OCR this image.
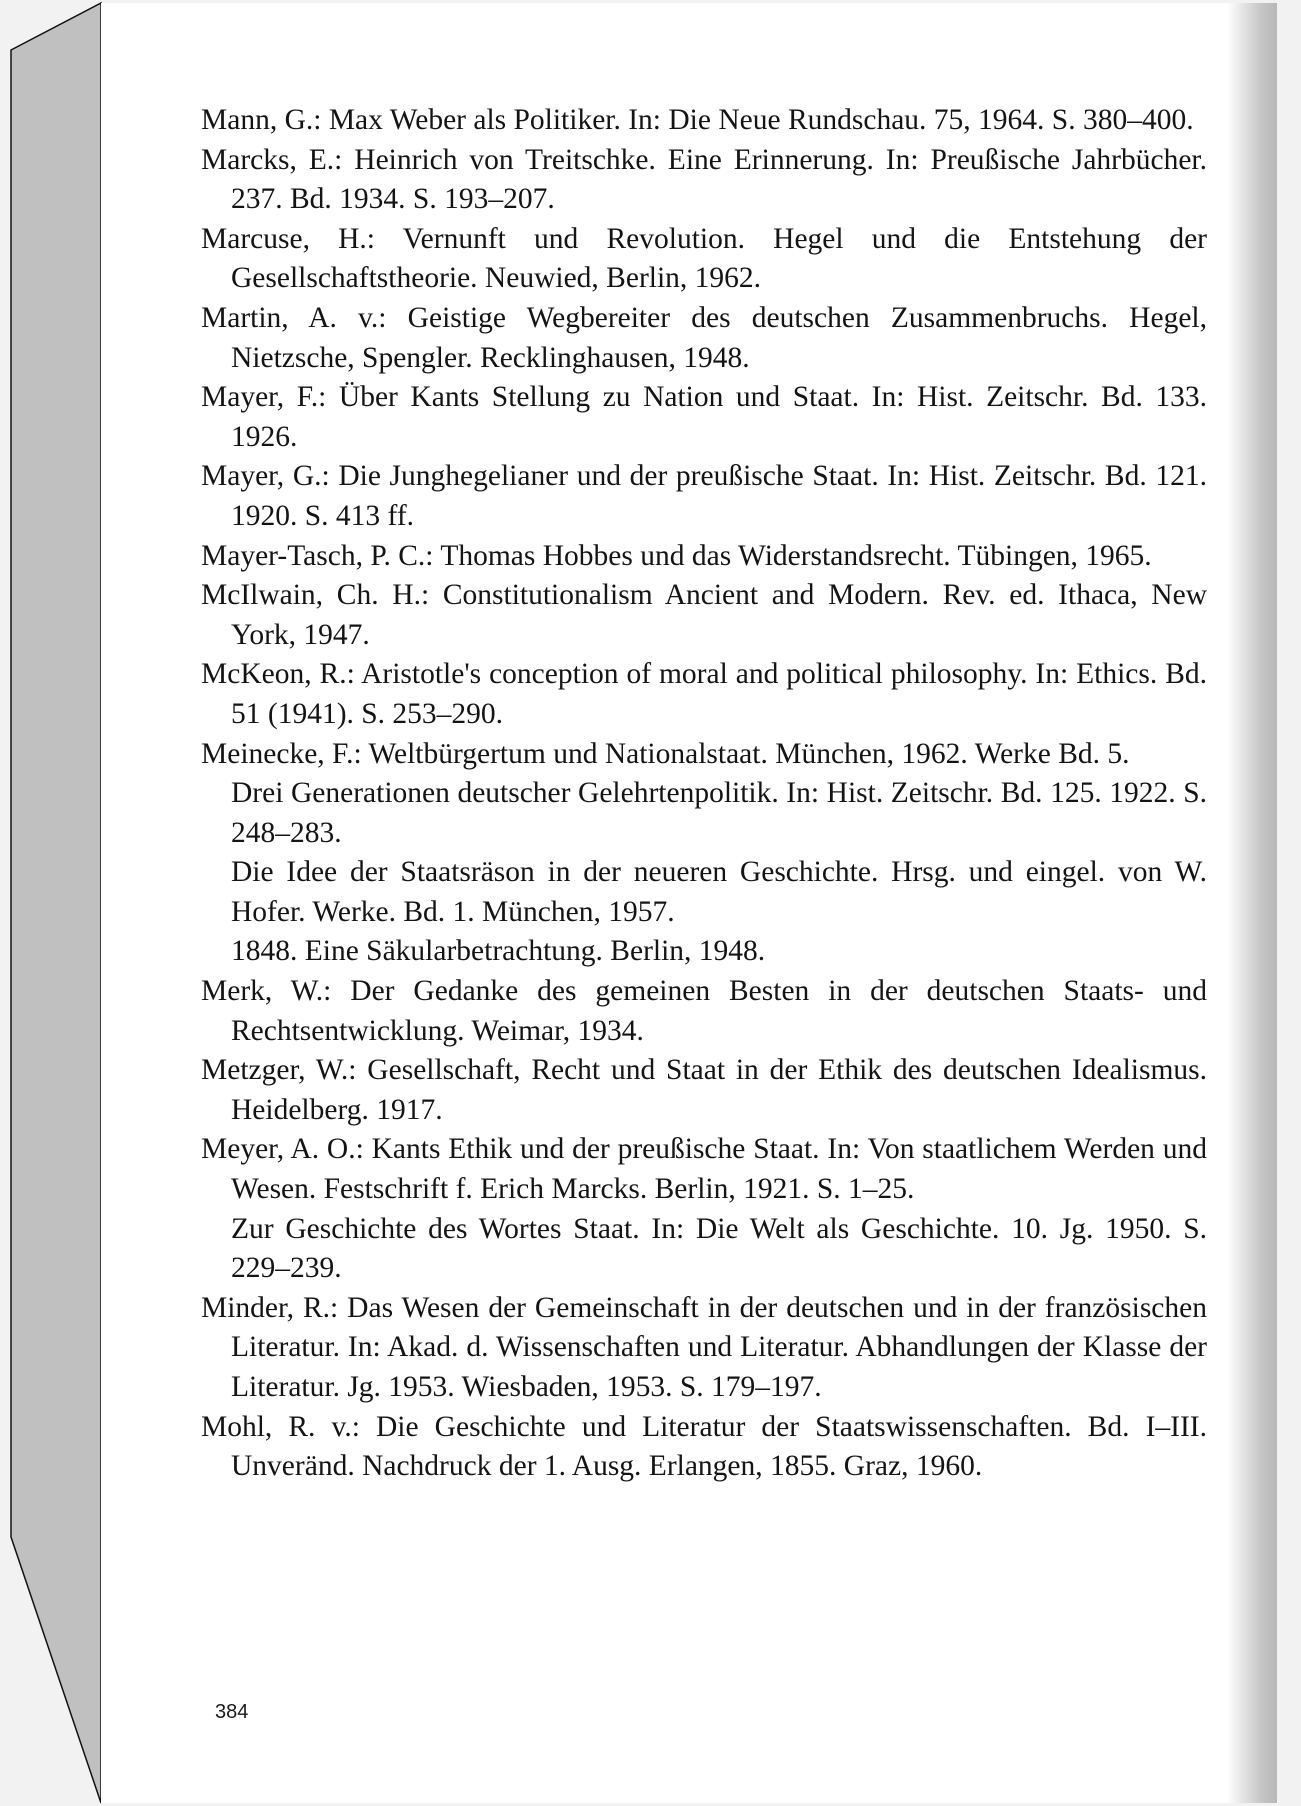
Mann, G.: Max Weber als Politiker. In: Die Neue Rundschau. 75, 1964. S. 380–400.

Marcks, E.: Heinrich von Treitschke. Eine Erinnerung. In: Preußische Jahrbücher. 237. Bd. 1934. S. 193–207.

Marcuse, H.: Vernunft und Revolution. Hegel und die Entstehung der Gesellschaftstheorie. Neuwied, Berlin, 1962.

Martin, A. v.: Geistige Wegbereiter des deutschen Zusammenbruchs. Hegel, Nietzsche, Spengler. Recklinghausen, 1948.

Mayer, F.: Über Kants Stellung zu Nation und Staat. In: Hist. Zeitschr. Bd. 133. 1926.

Mayer, G.: Die Junghegelianer und der preußische Staat. In: Hist. Zeitschr. Bd. 121. 1920. S. 413 ff.

Mayer-Tasch, P. C.: Thomas Hobbes und das Widerstandsrecht. Tübingen, 1965.

McIlwain, Ch. H.: Constitutionalism Ancient and Modern. Rev. ed. Ithaca, New York, 1947.

McKeon, R.: Aristotle's conception of moral and political philosophy. In: Ethics. Bd. 51 (1941). S. 253–290.

Meinecke, F.: Weltbürgertum und Nationalstaat. München, 1962. Werke Bd. 5.

Drei Generationen deutscher Gelehrtenpolitik. In: Hist. Zeitschr. Bd. 125. 1922. S. 248–283.

Die Idee der Staatsräson in der neueren Geschichte. Hrsg. und eingel. von W. Hofer. Werke. Bd. 1. München, 1957.

1848. Eine Säkularbetrachtung. Berlin, 1948.

Merk, W.: Der Gedanke des gemeinen Besten in der deutschen Staats- und Rechtsentwicklung. Weimar, 1934.

Metzger, W.: Gesellschaft, Recht und Staat in der Ethik des deutschen Idealismus. Heidelberg. 1917.

Meyer, A. O.: Kants Ethik und der preußische Staat. In: Von staatlichem Werden und Wesen. Festschrift f. Erich Marcks. Berlin, 1921. S. 1–25.

Zur Geschichte des Wortes Staat. In: Die Welt als Geschichte. 10. Jg. 1950. S. 229–239.

Minder, R.: Das Wesen der Gemeinschaft in der deutschen und in der französischen Literatur. In: Akad. d. Wissenschaften und Literatur. Abhandlungen der Klasse der Literatur. Jg. 1953. Wiesbaden, 1953. S. 179–197.

Mohl, R. v.: Die Geschichte und Literatur der Staatswissenschaften. Bd. I–III. Unveränd. Nachdruck der 1. Ausg. Erlangen, 1855. Graz, 1960.

384
